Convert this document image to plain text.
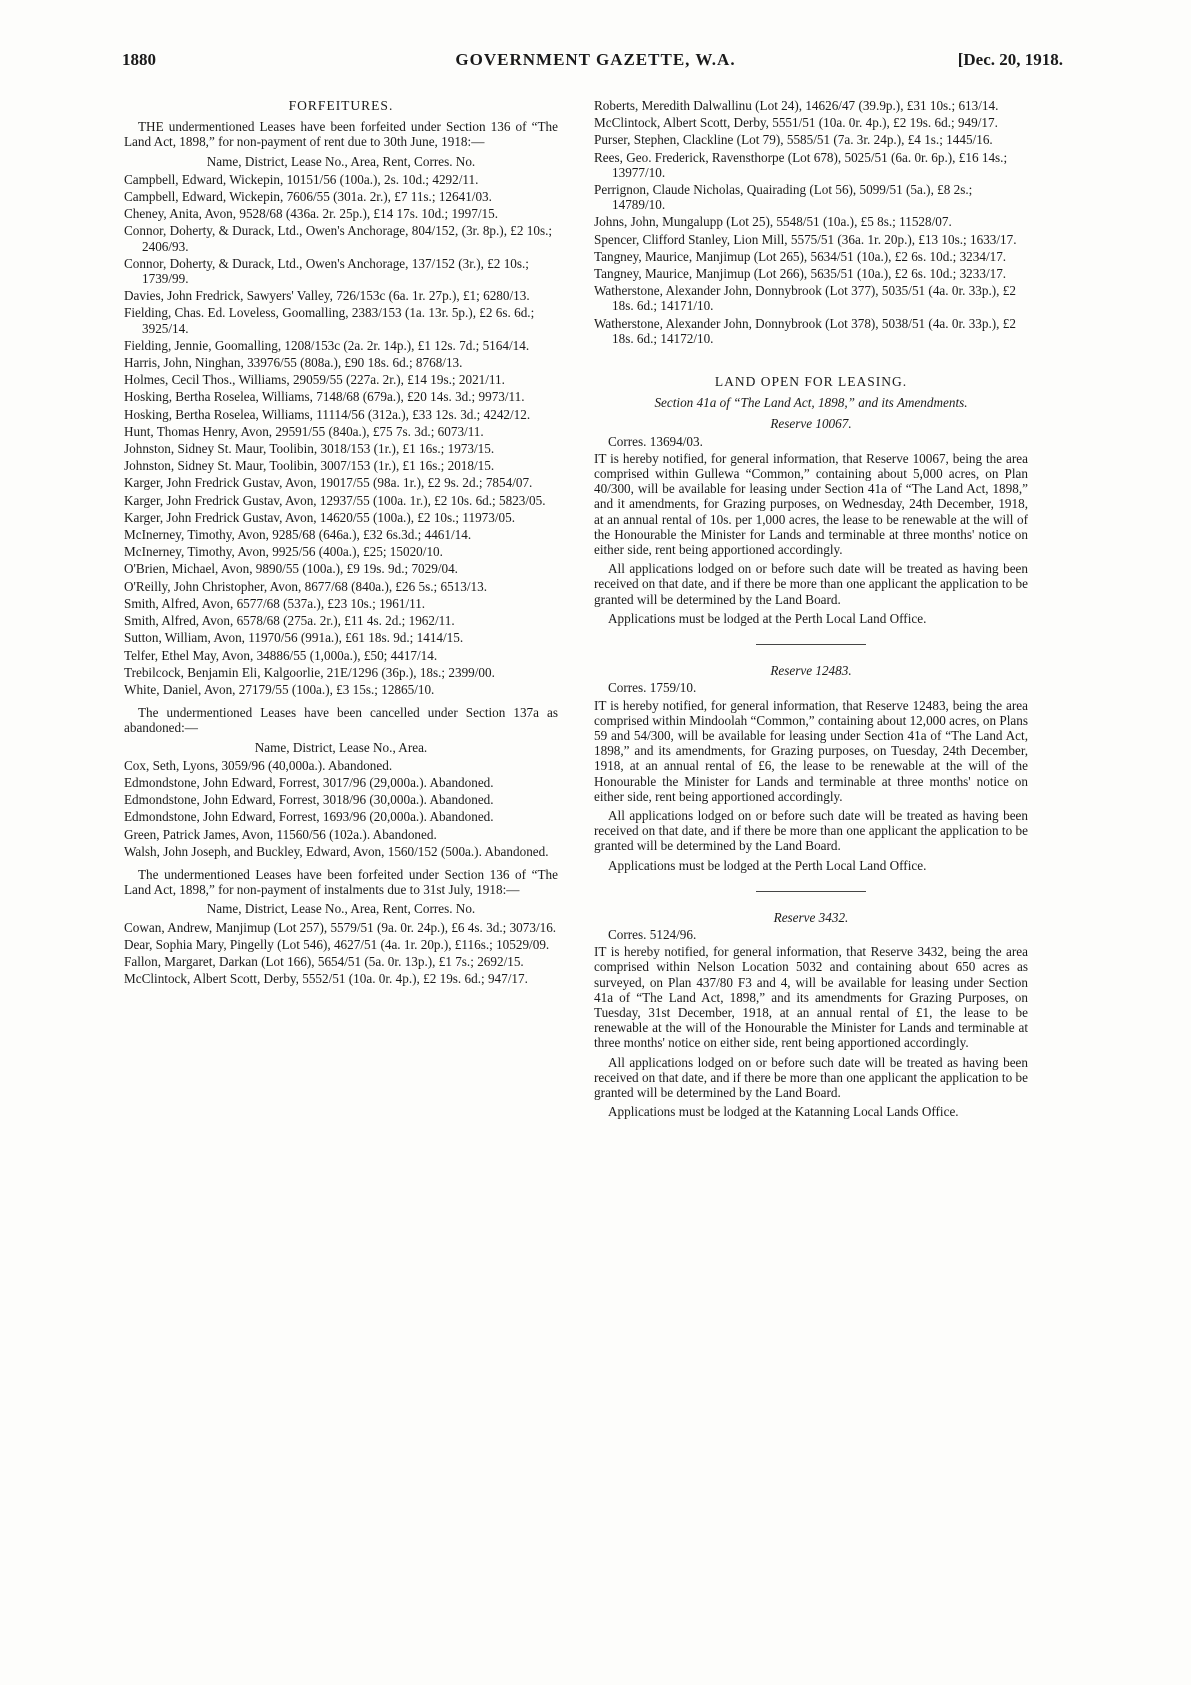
1880	GOVERNMENT GAZETTE, W.A.	[Dec. 20, 1918.
FORFEITURES.
THE undermentioned Leases have been forfeited under Section 136 of “The Land Act, 1898,” for non-payment of rent due to 30th June, 1918:—
Name, District, Lease No., Area, Rent, Corres. No.
Campbell, Edward, Wickepin, 10151/56 (100a.), 2s. 10d.; 4292/11.
Campbell, Edward, Wickepin, 7606/55 (301a. 2r.), £7 11s.; 12641/03.
Cheney, Anita, Avon, 9528/68 (436a. 2r. 25p.), £14 17s. 10d.; 1997/15.
Connor, Doherty, & Durack, Ltd., Owen's Anchorage, 804/152, (3r. 8p.), £2 10s.; 2406/93.
Connor, Doherty, & Durack, Ltd., Owen's Anchorage, 137/152 (3r.), £2 10s.; 1739/99.
Davies, John Fredrick, Sawyers' Valley, 726/153c (6a. 1r. 27p.), £1; 6280/13.
Fielding, Chas. Ed. Loveless, Goomalling, 2383/153 (1a. 13r. 5p.), £2 6s. 6d.; 3925/14.
Fielding, Jennie, Goomalling, 1208/153c (2a. 2r. 14p.), £1 12s. 7d.; 5164/14.
Harris, John, Ninghan, 33976/55 (808a.), £90 18s. 6d.; 8768/13.
Holmes, Cecil Thos., Williams, 29059/55 (227a. 2r.), £14 19s.; 2021/11.
Hosking, Bertha Roselea, Williams, 7148/68 (679a.), £20 14s. 3d.; 9973/11.
Hosking, Bertha Roselea, Williams, 11114/56 (312a.), £33 12s. 3d.; 4242/12.
Hunt, Thomas Henry, Avon, 29591/55 (840a.), £75 7s. 3d.; 6073/11.
Johnston, Sidney St. Maur, Toolibin, 3018/153 (1r.), £1 16s.; 1973/15.
Johnston, Sidney St. Maur, Toolibin, 3007/153 (1r.), £1 16s.; 2018/15.
Karger, John Fredrick Gustav, Avon, 19017/55 (98a. 1r.), £2 9s. 2d.; 7854/07.
Karger, John Fredrick Gustav, Avon, 12937/55 (100a. 1r.), £2 10s. 6d.; 5823/05.
Karger, John Fredrick Gustav, Avon, 14620/55 (100a.), £2 10s.; 11973/05.
McInerney, Timothy, Avon, 9285/68 (646a.), £32 6s.3d.; 4461/14.
McInerney, Timothy, Avon, 9925/56 (400a.), £25; 15020/10.
O'Brien, Michael, Avon, 9890/55 (100a.), £9 19s. 9d.; 7029/04.
O'Reilly, John Christopher, Avon, 8677/68 (840a.), £26 5s.; 6513/13.
Smith, Alfred, Avon, 6577/68 (537a.), £23 10s.; 1961/11.
Smith, Alfred, Avon, 6578/68 (275a. 2r.), £11 4s. 2d.; 1962/11.
Sutton, William, Avon, 11970/56 (991a.), £61 18s. 9d.; 1414/15.
Telfer, Ethel May, Avon, 34886/55 (1,000a.), £50; 4417/14.
Trebilcock, Benjamin Eli, Kalgoorlie, 21E/1296 (36p.), 18s.; 2399/00.
White, Daniel, Avon, 27179/55 (100a.), £3 15s.; 12865/10.
The undermentioned Leases have been cancelled under Section 137a as abandoned:—
Name, District, Lease No., Area.
Cox, Seth, Lyons, 3059/96 (40,000a.). Abandoned.
Edmondstone, John Edward, Forrest, 3017/96 (29,000a.). Abandoned.
Edmondstone, John Edward, Forrest, 3018/96 (30,000a.). Abandoned.
Edmondstone, John Edward, Forrest, 1693/96 (20,000a.). Abandoned.
Green, Patrick James, Avon, 11560/56 (102a.). Abandoned.
Walsh, John Joseph, and Buckley, Edward, Avon, 1560/152 (500a.). Abandoned.
The undermentioned Leases have been forfeited under Section 136 of “The Land Act, 1898,” for non-payment of instalments due to 31st July, 1918:—
Name, District, Lease No., Area, Rent, Corres. No.
Cowan, Andrew, Manjimup (Lot 257), 5579/51 (9a. 0r. 24p.), £6 4s. 3d.; 3073/16.
Dear, Sophia Mary, Pingelly (Lot 546), 4627/51 (4a. 1r. 20p.), £116s.; 10529/09.
Fallon, Margaret, Darkan (Lot 166), 5654/51 (5a. 0r. 13p.), £1 7s.; 2692/15.
McClintock, Albert Scott, Derby, 5552/51 (10a. 0r. 4p.), £2 19s. 6d.; 947/17.
Roberts, Meredith Dalwallinu (Lot 24), 14626/47 (39.9p.), £31 10s.; 613/14.
McClintock, Albert Scott, Derby, 5551/51 (10a. 0r. 4p.), £2 19s. 6d.; 949/17.
Purser, Stephen, Clackline (Lot 79), 5585/51 (7a. 3r. 24p.), £4 1s.; 1445/16.
Rees, Geo. Frederick, Ravensthorpe (Lot 678), 5025/51 (6a. 0r. 6p.), £16 14s.; 13977/10.
Perrignon, Claude Nicholas, Quairading (Lot 56), 5099/51 (5a.), £8 2s.; 14789/10.
Johns, John, Mungalupp (Lot 25), 5548/51 (10a.), £5 8s.; 11528/07.
Spencer, Clifford Stanley, Lion Mill, 5575/51 (36a. 1r. 20p.), £13 10s.; 1633/17.
Tangney, Maurice, Manjimup (Lot 265), 5634/51 (10a.), £2 6s. 10d.; 3234/17.
Tangney, Maurice, Manjimup (Lot 266), 5635/51 (10a.), £2 6s. 10d.; 3233/17.
Watherstone, Alexander John, Donnybrook (Lot 377), 5035/51 (4a. 0r. 33p.), £2 18s. 6d.; 14171/10.
Watherstone, Alexander John, Donnybrook (Lot 378), 5038/51 (4a. 0r. 33p.), £2 18s. 6d.; 14172/10.
LAND OPEN FOR LEASING.
Section 41a of “The Land Act, 1898,” and its Amendments.
Reserve 10067.
Corres. 13694/03.
IT is hereby notified, for general information, that Reserve 10067, being the area comprised within Gullewa “Common,” containing about 5,000 acres, on Plan 40/300, will be available for leasing under Section 41a of “The Land Act, 1898,” and it amendments, for Grazing purposes, on Wednesday, 24th December, 1918, at an annual rental of 10s. per 1,000 acres, the lease to be renewable at the will of the Honourable the Minister for Lands and terminable at three months' notice on either side, rent being apportioned accordingly.
All applications lodged on or before such date will be treated as having been received on that date, and if there be more than one applicant the application to be granted will be determined by the Land Board.
Applications must be lodged at the Perth Local Land Office.
Reserve 12483.
Corres. 1759/10.
IT is hereby notified, for general information, that Reserve 12483, being the area comprised within Mindoolah “Common,” containing about 12,000 acres, on Plans 59 and 54/300, will be available for leasing under Section 41a of “The Land Act, 1898,” and its amendments, for Grazing purposes, on Tuesday, 24th December, 1918, at an annual rental of £6, the lease to be renewable at the will of the Honourable the Minister for Lands and terminable at three months' notice on either side, rent being apportioned accordingly.
All applications lodged on or before such date will be treated as having been received on that date, and if there be more than one applicant the application to be granted will be determined by the Land Board.
Applications must be lodged at the Perth Local Land Office.
Reserve 3432.
Corres. 5124/96.
IT is hereby notified, for general information, that Reserve 3432, being the area comprised within Nelson Location 5032 and containing about 650 acres as surveyed, on Plan 437/80 F3 and 4, will be available for leasing under Section 41a of “The Land Act, 1898,” and its amendments for Grazing Purposes, on Tuesday, 31st December, 1918, at an annual rental of £1, the lease to be renewable at the will of the Honourable the Minister for Lands and terminable at three months' notice on either side, rent being apportioned accordingly.
All applications lodged on or before such date will be treated as having been received on that date, and if there be more than one applicant the application to be granted will be determined by the Land Board.
Applications must be lodged at the Katanning Local Lands Office.
